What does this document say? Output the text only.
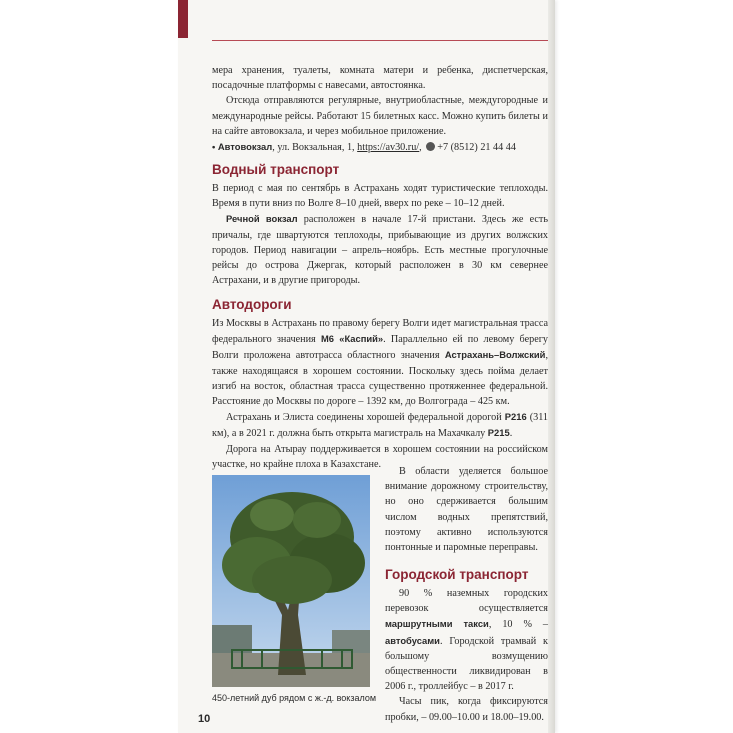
мера хранения, туалеты, комната матери и ребенка, диспетчерская, посадочные платформы с навесами, автостоянка.

Отсюда отправляются регулярные, внутриобластные, междугородные и международные рейсы. Работают 15 билетных касс. Можно купить билеты и на сайте автовокзала, и через мобильное приложение.

• Автовокзал, ул. Вокзальная, 1, https://av30.ru/, +7 (8512) 21 44 44

Водный транспорт

В период с мая по сентябрь в Астрахань ходят туристические теплоходы. Время в пути вниз по Волге 8–10 дней, вверх по реке – 10–12 дней.

Речной вокзал расположен в начале 17-й пристани. Здесь же есть причалы, где швартуются теплоходы, прибывающие из других волжских городов. Период навигации – апрель–ноябрь. Есть местные прогулочные рейсы до острова Джергак, который расположен в 30 км севернее Астрахани, и в другие пригороды.

Автодороги

Из Москвы в Астрахань по правому берегу Волги идет магистральная трасса федерального значения М6 «Каспий». Параллельно ей по левому берегу Волги проложена автотрасса областного значения Астрахань–Волжский, также находящаяся в хорошем состоянии. Поскольку здесь пойма делает изгиб на восток, областная трасса существенно протяженнее федеральной. Расстояние до Москвы по дороге – 1392 км, до Волгограда – 425 км.

Астрахань и Элиста соединены хорошей федеральной дорогой Р216 (311 км), а в 2021 г. должна быть открыта магистраль на Махачкалу Р215.

Дорога на Атырау поддерживается в хорошем состоянии на российском участке, но крайне плоха в Казахстане.

450-летний дуб рядом с ж.-д. вокзалом

В области уделяется большое внимание дорожному строительству, но оно сдерживается большим числом водных препятствий, поэтому активно используются понтонные и паромные переправы.

Городской транспорт

90 % наземных городских перевозок осуществляется маршрутными такси, 10 % – автобусами. Городской трамвай к большому возмущению общественности ликвидирован в 2006 г., троллейбус – в 2017 г.

Часы пик, когда фиксируются пробки, – 09.00–10.00 и 18.00–19.00.

10
